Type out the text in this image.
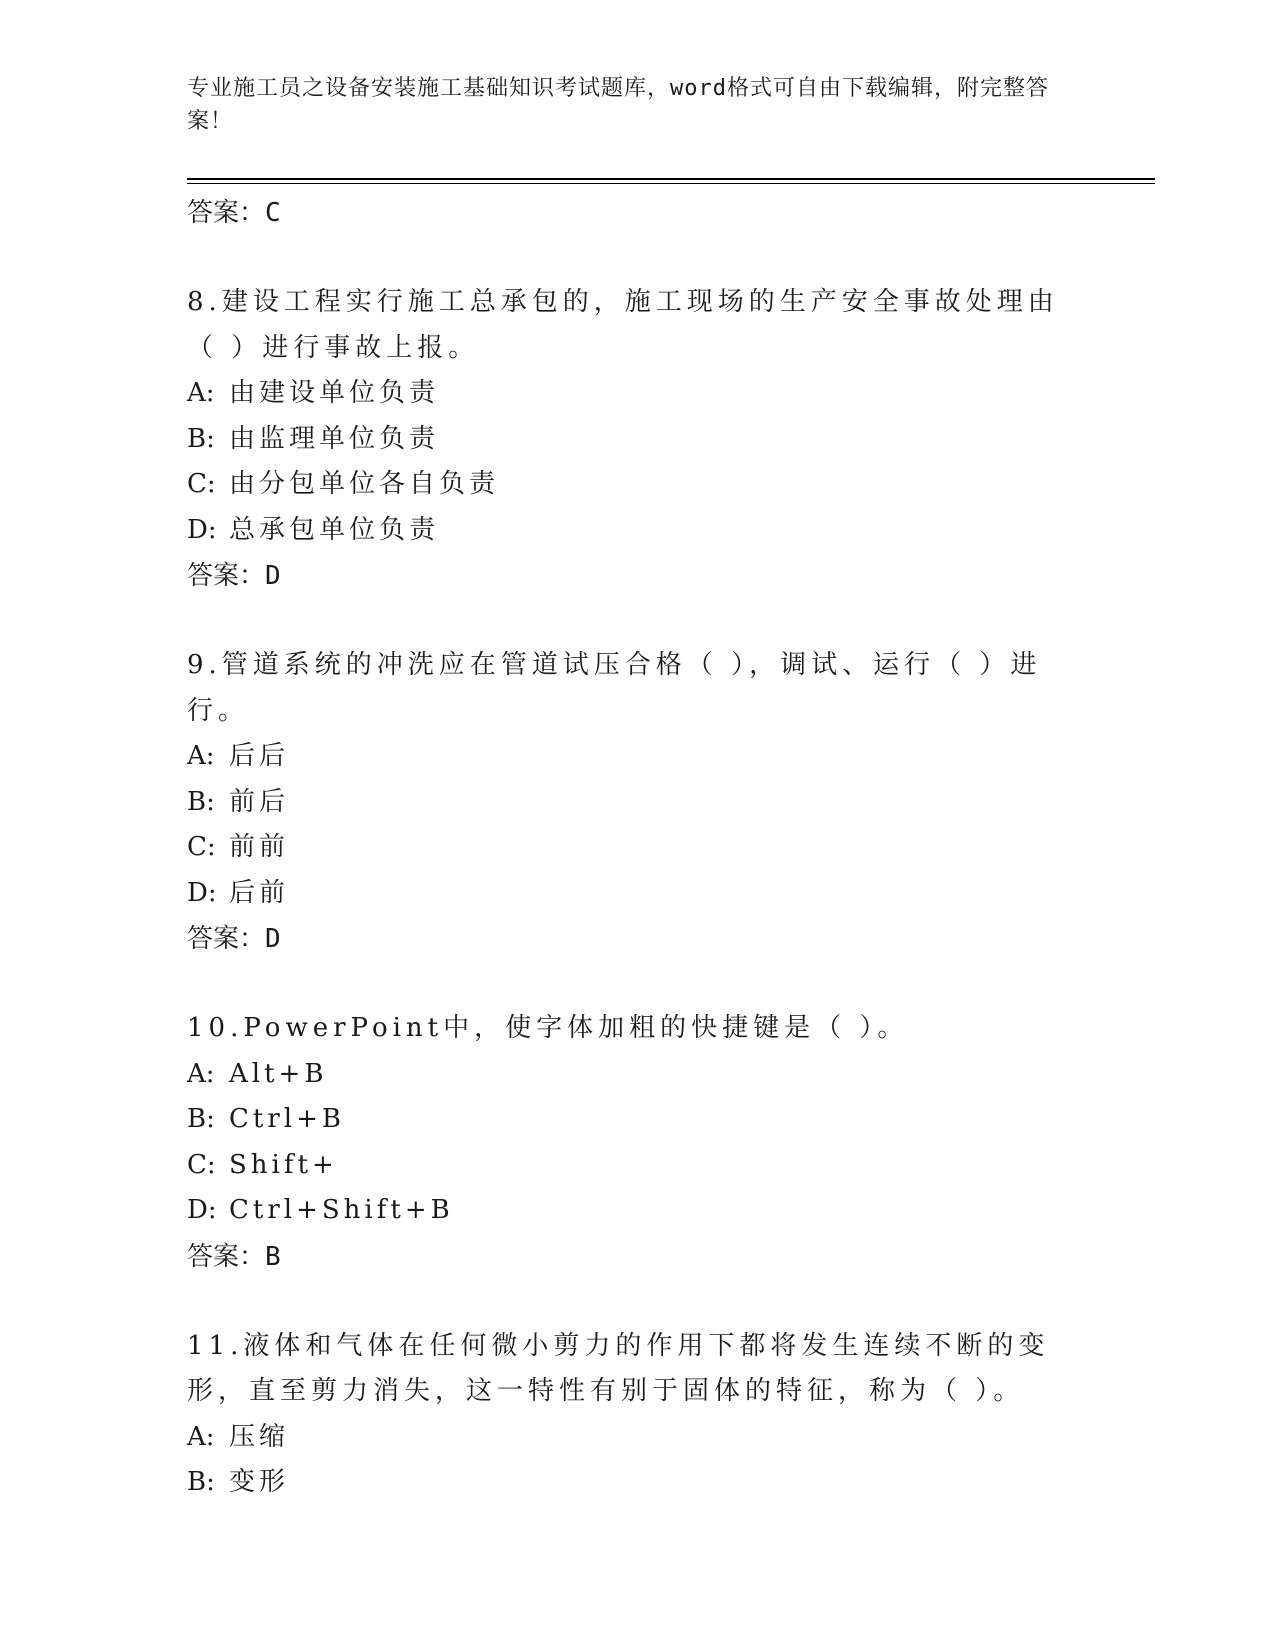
专业施工员之设备安装施工基础知识考试题库，word格式可自由下载编辑，附完整答案！
答案：C
8.建设工程实行施工总承包的，施工现场的生产安全事故处理由（ ）进行事故上报。
A: 由建设单位负责
B: 由监理单位负责
C: 由分包单位各自负责
D: 总承包单位负责
答案：D
9.管道系统的冲洗应在管道试压合格（ ），调试、运行（ ）进行。
A: 后后
B: 前后
C: 前前
D: 后前
答案：D
10.PowerPoint中，使字体加粗的快捷键是（ ）。
A: Alt+B
B: Ctrl+B
C: Shift+
D: Ctrl+Shift+B
答案：B
11.液体和气体在任何微小剪力的作用下都将发生连续不断的变形，直至剪力消失，这一特性有别于固体的特征，称为（ ）。
A: 压缩
B: 变形
